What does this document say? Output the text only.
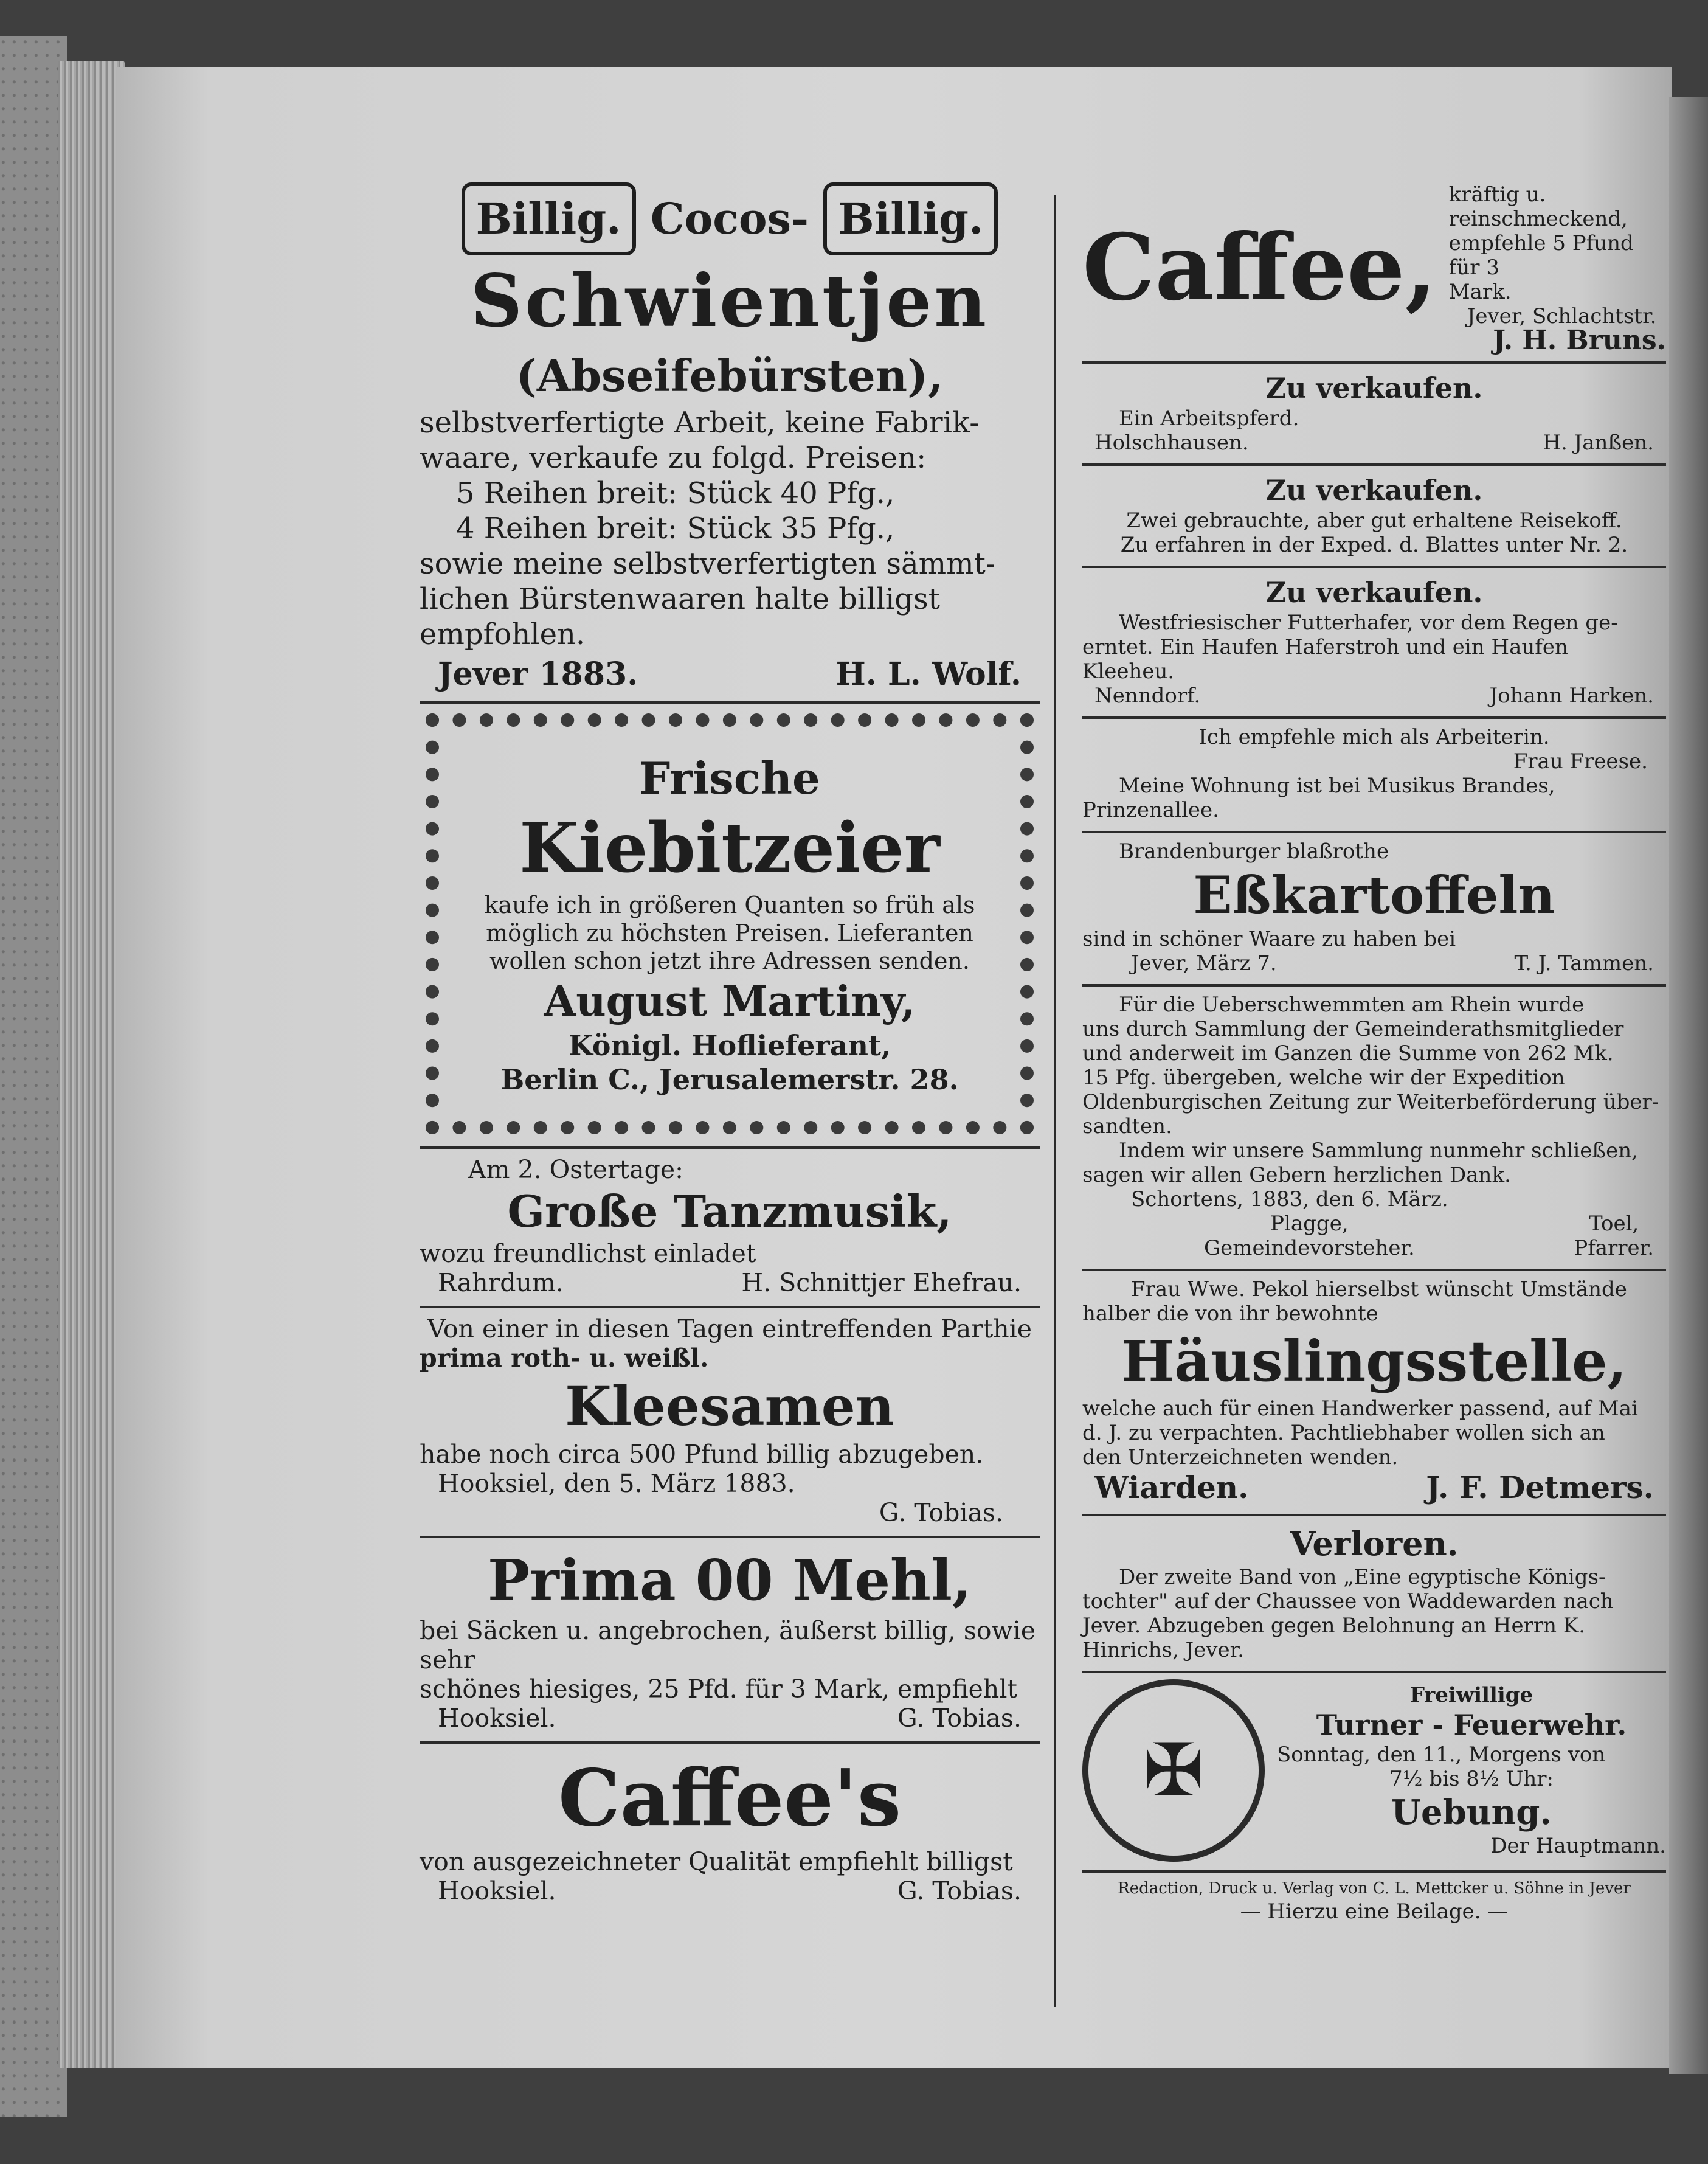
Billig. Cocos- Billig.
Schwientjen
(Abseifebürsten),
selbstverfertigte Arbeit, keine Fabrik-
waare, verkaufe zu folgd. Preisen:
5 Reihen breit: Stück 40 Pfg.,
4 Reihen breit: Stück 35 Pfg.,
sowie meine selbstverfertigten sämmt-
lichen Bürstenwaaren halte billigst
empfohlen.
Jever 1883.	H. L. Wolf.
Frische
Kiebitzeier
kaufe ich in größeren Quanten so früh als
möglich zu höchsten Preisen. Lieferanten
wollen schon jetzt ihre Adressen senden.
August Martiny,
Königl. Hoflieferant,
Berlin C., Jerusalemerstr. 28.
Am 2. Ostertage:
Große Tanzmusik,
wozu freundlichst einladet
Rahrdum.	H. Schnittjer Ehefrau.
Von einer in diesen Tagen eintreffenden Parthie
prima roth- u. weißl.
Kleesamen
habe noch circa 500 Pfund billig abzugeben.
Hooksiel, den 5. März 1883.
G. Tobias.
Prima 00 Mehl,
bei Säcken u. angebrochen, äußerst billig, sowie sehr
schönes hiesiges, 25 Pfd. für 3 Mark, empfiehlt
Hooksiel.	G. Tobias.
Caffee's
von ausgezeichneter Qualität empfiehlt billigst
Hooksiel.	G. Tobias.
Caffee,
kräftig u. reinschmeckend,
empfehle 5 Pfund für 3
Mark.
Jever, Schlachtstr.
J. H. Bruns.
Zu verkaufen.
Ein Arbeitspferd.
Holschhausen.	H. Janßen.
Zu verkaufen.
Zwei gebrauchte, aber gut erhaltene Reisekoff.
Zu erfahren in der Exped. d. Blattes unter Nr. 2.
Zu verkaufen.
Westfriesischer Futterhafer, vor dem Regen ge-
erntet. Ein Haufen Haferstroh und ein Haufen
Kleeheu.
Nenndorf.	Johann Harken.
Ich empfehle mich als Arbeiterin.
Frau Freese.
Meine Wohnung ist bei Musikus Brandes,
Prinzenallee.
Brandenburger blaßrothe
Eßkartoffeln
sind in schöner Waare zu haben bei
Jever, März 7.	T. J. Tammen.
Für die Ueberschwemmten am Rhein wurde
uns durch Sammlung der Gemeinderathsmitglieder
und anderweit im Ganzen die Summe von 262 Mk.
15 Pfg. übergeben, welche wir der Expedition
Oldenburgischen Zeitung zur Weiterbeförderung über-
sandten.
Indem wir unsere Sammlung nunmehr schließen,
sagen wir allen Gebern herzlichen Dank.
Schortens, 1883, den 6. März.
Plagge,
Gemeindevorsteher.
Toel,
Pfarrer.
Frau Wwe. Pekol hierselbst wünscht Umstände
halber die von ihr bewohnte
Häuslingsstelle,
welche auch für einen Handwerker passend, auf Mai
d. J. zu verpachten. Pachtliebhaber wollen sich an
den Unterzeichneten wenden.
Wiarden.	J. F. Detmers.
Verloren.
Der zweite Band von „Eine egyptische Königs-
tochter" auf der Chaussee von Waddewarden nach
Jever. Abzugeben gegen Belohnung an Herrn K.
Hinrichs, Jever.
✠
Freiwillige
Turner - Feuerwehr.
Sonntag, den 11., Morgens von
7½ bis 8½ Uhr:
Uebung.
Der Hauptmann.
Redaction, Druck u. Verlag von C. L. Mettcker u. Söhne in Jever
— Hierzu eine Beilage. —
